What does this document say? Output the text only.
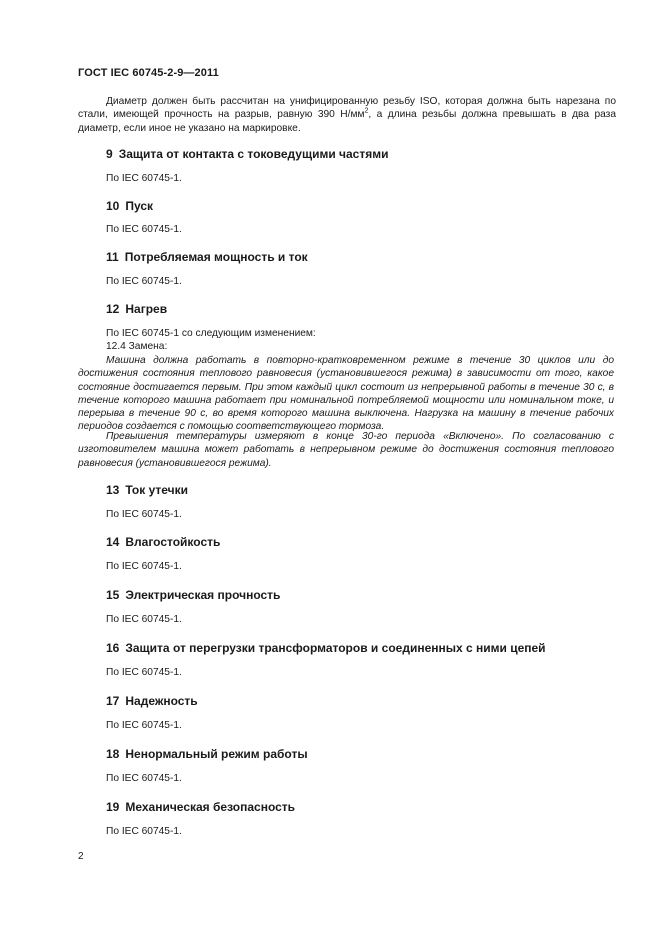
ГОСТ IEC 60745-2-9—2011

Диаметр должен быть рассчитан на унифицированную резьбу ISO, которая должна быть нарезана по стали, имеющей прочность на разрыв, равную 390 $Н/мм^2$, а длина резьбы должна превышать в два раза диаметр, если иное не указано на маркировке.

9 Защита от контакта с токоведущими частями
По IEC 60745-1.
10 Пуск
По IEC 60745-1.
11 Потребляемая мощность и ток
По IEC 60745-1.
12 Нагрев
По IEC 60745-1 со следующим изменением:
12.4 Замена:

Машина должна работать в повторно-кратковременном режиме в течение 30 циклов или до достижения состояния теплового равновесия (установившегося режима) в зависимости от того, какое состояние достигается первым. При этом каждый цикл состоит из непрерывной работы в течение 30 с, в течение которого машина работает при номинальной потребляемой мощности или номинальном токе, и перерыва в течение 90 с, во время которого машина выключена. Нагрузка на машину в течение рабочих периодов создается с помощью соответствующего тормоза.

Превышения температуры измеряют в конце 30-го периода «Включено». По согласованию с изготовителем машина может работать в непрерывном режиме до достижения состояния теплового равновесия (установившегося режима).

13 Ток утечки
По IEC 60745-1.
14 Влагостойкость
По IEC 60745-1.
15 Электрическая прочность
По IEC 60745-1.
16 Защита от перегрузки трансформаторов и соединенных с ними цепей
По IEC 60745-1.
17 Надежность
По IEC 60745-1.
18 Ненормальный режим работы
По IEC 60745-1.
19 Механическая безопасность
По IEC 60745-1.
2
